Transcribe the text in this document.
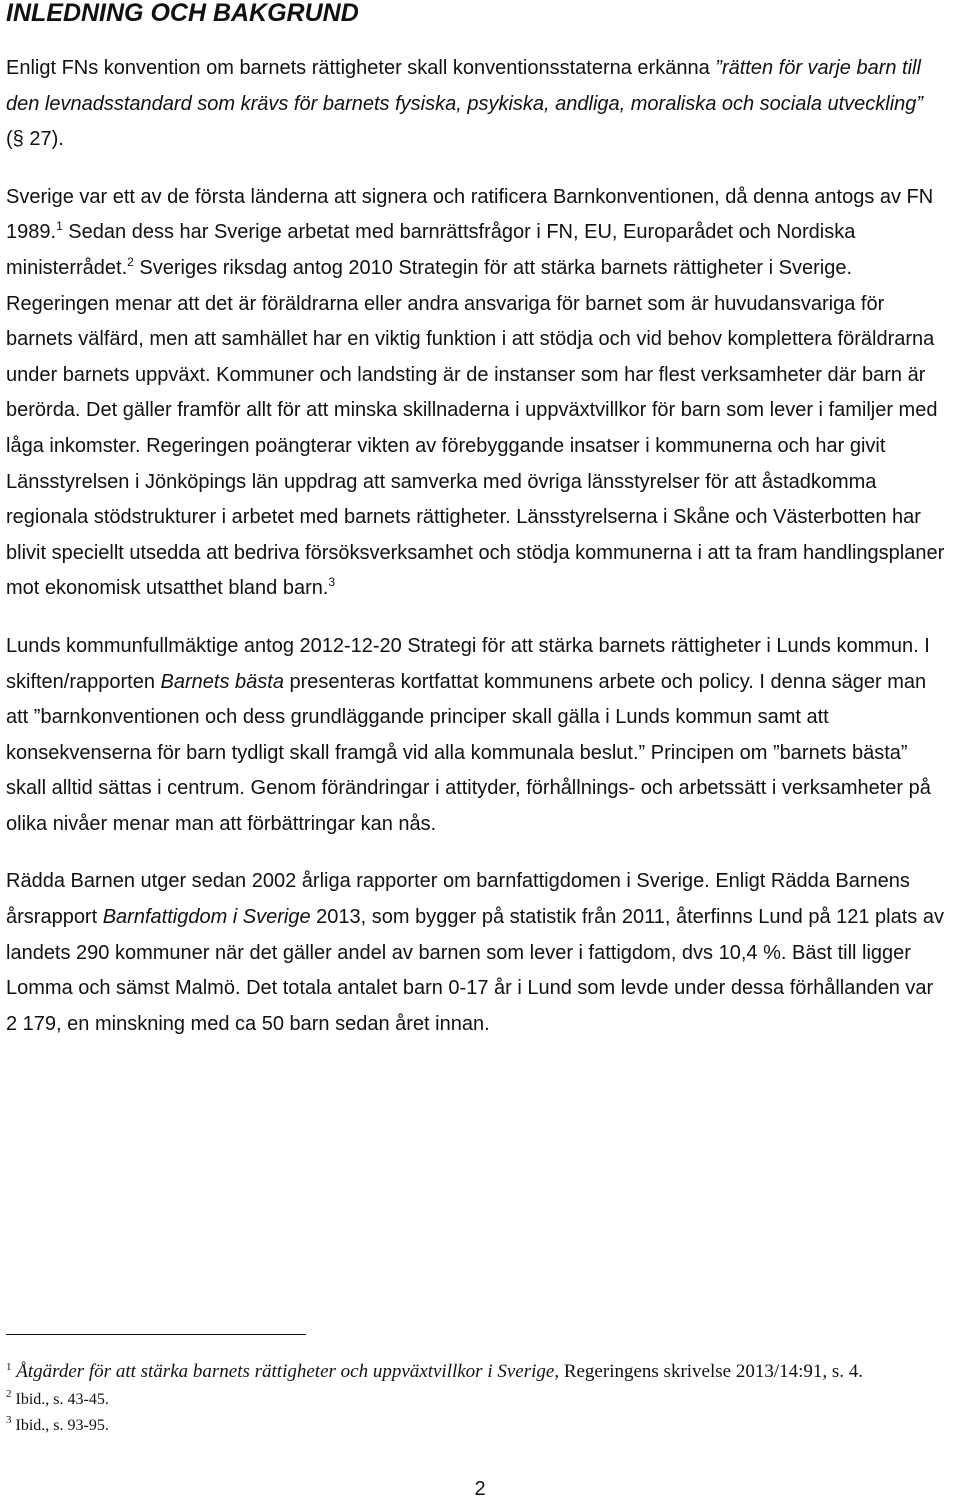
INLEDNING OCH BAKGRUND

Enligt FNs konvention om barnets rättigheter skall konventionsstaterna erkänna ”rätten för varje barn till den levnadsstandard som krävs för barnets fysiska, psykiska, andliga, moraliska och sociala utveckling” (§ 27).

Sverige var ett av de första länderna att signera och ratificera Barnkonventionen, då denna antogs av FN 1989.$^1$ Sedan dess har Sverige arbetat med barnrättsfrågor i FN, EU, Europarådet och Nordiska ministerrådet.$^2$ Sveriges riksdag antog 2010 Strategin för att stärka barnets rättigheter i Sverige. Regeringen menar att det är föräldrarna eller andra ansvariga för barnet som är huvudansvariga för barnets välfärd, men att samhället har en viktig funktion i att stödja och vid behov komplettera föräldrarna under barnets uppväxt. Kommuner och landsting är de instanser som har flest verksamheter där barn är berörda. Det gäller framför allt för att minska skillnaderna i uppväxtvillkor för barn som lever i familjer med låga inkomster. Regeringen poängterar vikten av förebyggande insatser i kommunerna och har givit Länsstyrelsen i Jönköpings län uppdrag att samverka med övriga länsstyrelser för att åstadkomma regionala stödstrukturer i arbetet med barnets rättigheter. Länsstyrelserna i Skåne och Västerbotten har blivit speciellt utsedda att bedriva försöksverksamhet och stödja kommunerna i att ta fram handlingsplaner mot ekonomisk utsatthet bland barn.$^3$

Lunds kommunfullmäktige antog 2012-12-20 Strategi för att stärka barnets rättigheter i Lunds kommun. I skiften/rapporten Barnets bästa presenteras kortfattat kommunens arbete och policy. I denna säger man att ”barnkonventionen och dess grundläggande principer skall gälla i Lunds kommun samt att konsekvenserna för barn tydligt skall framgå vid alla kommunala beslut.” Principen om ”barnets bästa” skall alltid sättas i centrum. Genom förändringar i attityder, förhållnings- och arbetssätt i verksamheter på olika nivåer menar man att förbättringar kan nås.

Rädda Barnen utger sedan 2002 årliga rapporter om barnfattigdomen i Sverige. Enligt Rädda Barnens årsrapport Barnfattigdom i Sverige 2013, som bygger på statistik från 2011, återfinns Lund på 121 plats av landets 290 kommuner när det gäller andel av barnen som lever i fattigdom, dvs 10,4 %. Bäst till ligger Lomma och sämst Malmö. Det totala antalet barn 0-17 år i Lund som levde under dessa förhållanden var 2 179, en minskning med ca 50 barn sedan året innan.

$^1$ Åtgärder för att stärka barnets rättigheter och uppväxtvillkor i Sverige, Regeringens skrivelse 2013/14:91, s. 4.

$^2$ Ibid., s. 43-45.

$^3$ Ibid., s. 93-95.

2
